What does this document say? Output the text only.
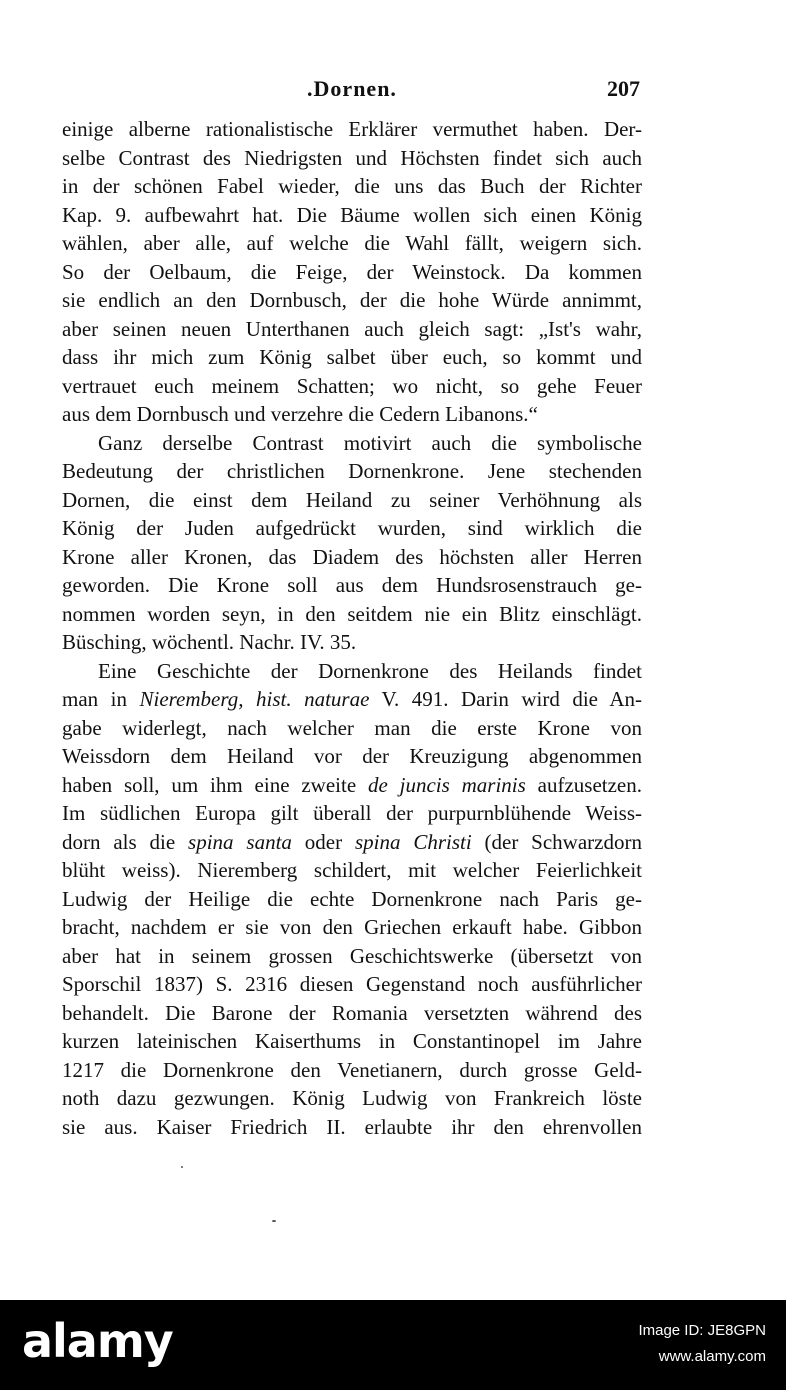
.Dornen.	207
einige alberne rationalistische Erklärer vermuthet haben. Der-
selbe Contrast des Niedrigsten und Höchsten findet sich auch
in der schönen Fabel wieder, die uns das Buch der Richter
Kap. 9. aufbewahrt hat. Die Bäume wollen sich einen König
wählen, aber alle, auf welche die Wahl fällt, weigern sich.
So der Oelbaum, die Feige, der Weinstock. Da kommen
sie endlich an den Dornbusch, der die hohe Würde annimmt,
aber seinen neuen Unterthanen auch gleich sagt: „Ist's wahr,
dass ihr mich zum König salbet über euch, so kommt und
vertrauet euch meinem Schatten; wo nicht, so gehe Feuer
aus dem Dornbusch und verzehre die Cedern Libanons.“
Ganz derselbe Contrast motivirt auch die symbolische
Bedeutung der christlichen Dornenkrone. Jene stechenden
Dornen, die einst dem Heiland zu seiner Verhöhnung als
König der Juden aufgedrückt wurden, sind wirklich die
Krone aller Kronen, das Diadem des höchsten aller Herren
geworden. Die Krone soll aus dem Hundsrosenstrauch ge-
nommen worden seyn, in den seitdem nie ein Blitz einschlägt.
Büsching, wöchentl. Nachr. IV. 35.
Eine Geschichte der Dornenkrone des Heilands findet
man in Nieremberg, hist. naturae V. 491. Darin wird die An-
gabe widerlegt, nach welcher man die erste Krone von
Weissdorn dem Heiland vor der Kreuzigung abgenommen
haben soll, um ihm eine zweite de juncis marinis aufzusetzen.
Im südlichen Europa gilt überall der purpurnblühende Weiss-
dorn als die spina santa oder spina Christi (der Schwarzdorn
blüht weiss). Nieremberg schildert, mit welcher Feierlichkeit
Ludwig der Heilige die echte Dornenkrone nach Paris ge-
bracht, nachdem er sie von den Griechen erkauft habe. Gibbon
aber hat in seinem grossen Geschichtswerke (übersetzt von
Sporschil 1837) S. 2316 diesen Gegenstand noch ausführlicher
behandelt. Die Barone der Romania versetzten während des
kurzen lateinischen Kaiserthums in Constantinopel im Jahre
1217 die Dornenkrone den Venetianern, durch grosse Geld-
noth dazu gezwungen. König Ludwig von Frankreich löste
sie aus. Kaiser Friedrich II. erlaubte ihr den ehrenvollen
alamy	Image ID: JE8GPN
www.alamy.com
